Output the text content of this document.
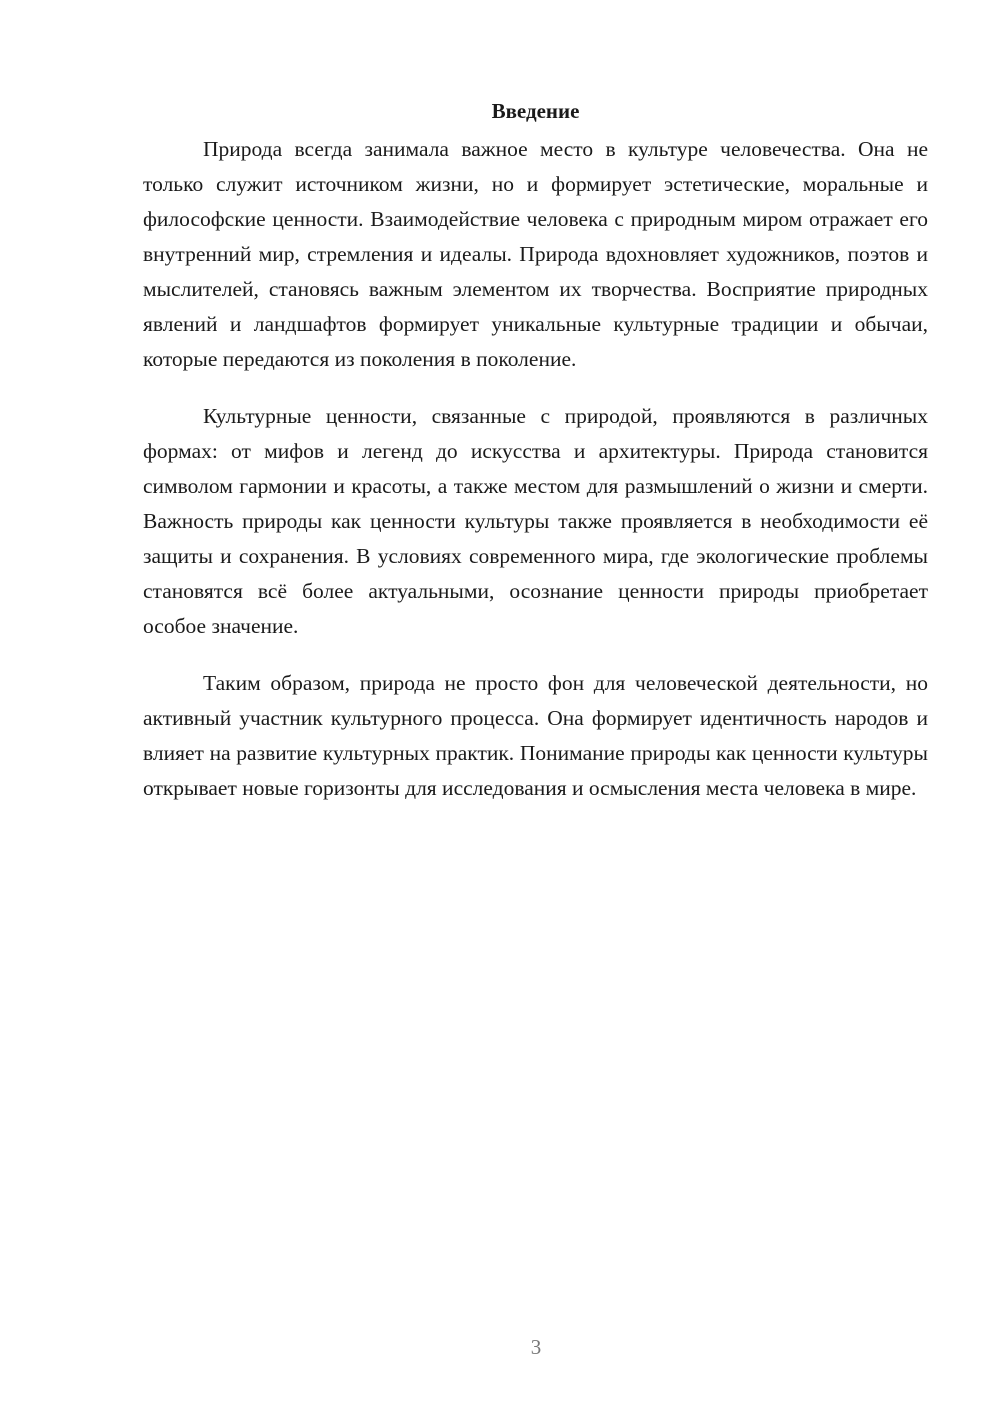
Введение

Природа всегда занимала важное место в культуре человечества. Она не только служит источником жизни, но и формирует эстетические, моральные и философские ценности. Взаимодействие человека с природным миром отражает его внутренний мир, стремления и идеалы. Природа вдохновляет художников, поэтов и мыслителей, становясь важным элементом их творчества. Восприятие природных явлений и ландшафтов формирует уникальные культурные традиции и обычаи, которые передаются из поколения в поколение.

Культурные ценности, связанные с природой, проявляются в различных формах: от мифов и легенд до искусства и архитектуры. Природа становится символом гармонии и красоты, а также местом для размышлений о жизни и смерти. Важность природы как ценности культуры также проявляется в необходимости её защиты и сохранения. В условиях современного мира, где экологические проблемы становятся всё более актуальными, осознание ценности природы приобретает особое значение.

Таким образом, природа не просто фон для человеческой деятельности, но активный участник культурного процесса. Она формирует идентичность народов и влияет на развитие культурных практик. Понимание природы как ценности культуры открывает новые горизонты для исследования и осмысления места человека в мире.

3
